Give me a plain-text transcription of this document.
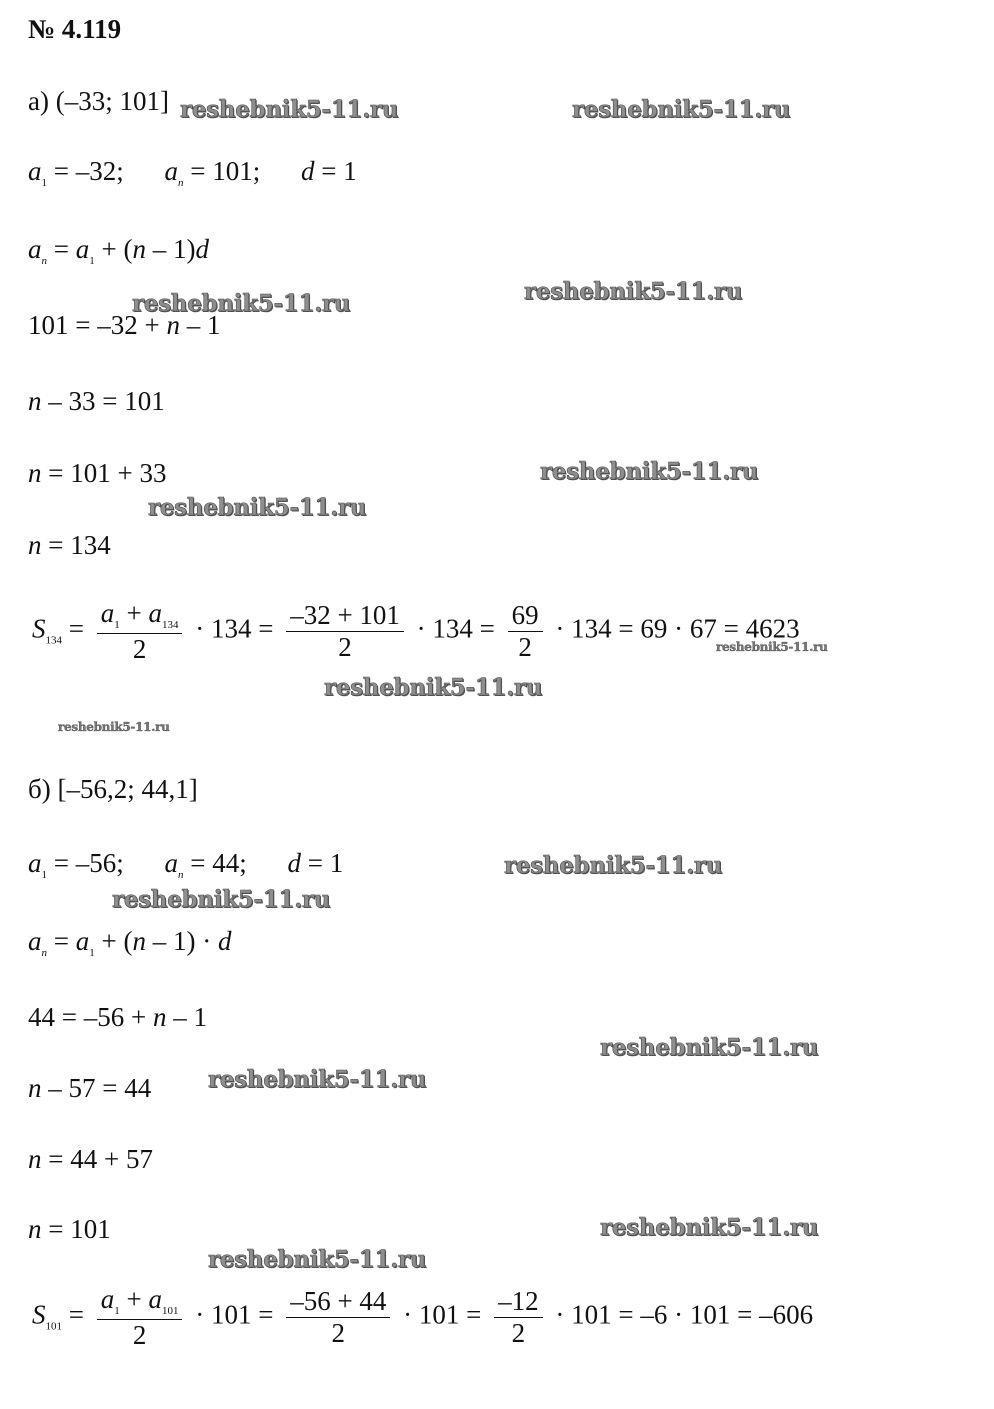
№ 4.119
а) (–33; 101]
$a_1 = -32$; $a_n = 101$; d = 1
$a_n = a_1 + (n - 1)d$
101 = –32 + n – 1
n – 33 = 101
n = 101 + 33
n = 134
$S_{134} = \frac{a_1 + a_{134}}{2} \cdot 134 = \frac{-32 + 101}{2} \cdot 134 = \frac{69}{2} \cdot 134 = 69 \cdot 67 = 4623$
б) [–56,2; 44,1]
$a_1 = -56$; $a_n = 44$; d = 1
$a_n = a_1 + (n - 1) \cdot d$
44 = –56 + n – 1
n – 57 = 44
n = 44 + 57
n = 101
$S_{101} = \frac{a_1 + a_{101}}{2} \cdot 101 = \frac{-56 + 44}{2} \cdot 101 = \frac{-12}{2} \cdot 101 = -6 \cdot 101 = -606$
reshebnik5-11.ru	reshebnik5-11.ru
reshebnik5-11.ru	reshebnik5-11.ru
reshebnik5-11.ru
reshebnik5-11.ru
reshebnik5-11.ru
reshebnik5-11.ru
reshebnik5-11.ru
reshebnik5-11.ru
reshebnik5-11.ru
reshebnik5-11.ru
reshebnik5-11.ru
reshebnik5-11.ru
reshebnik5-11.ru
